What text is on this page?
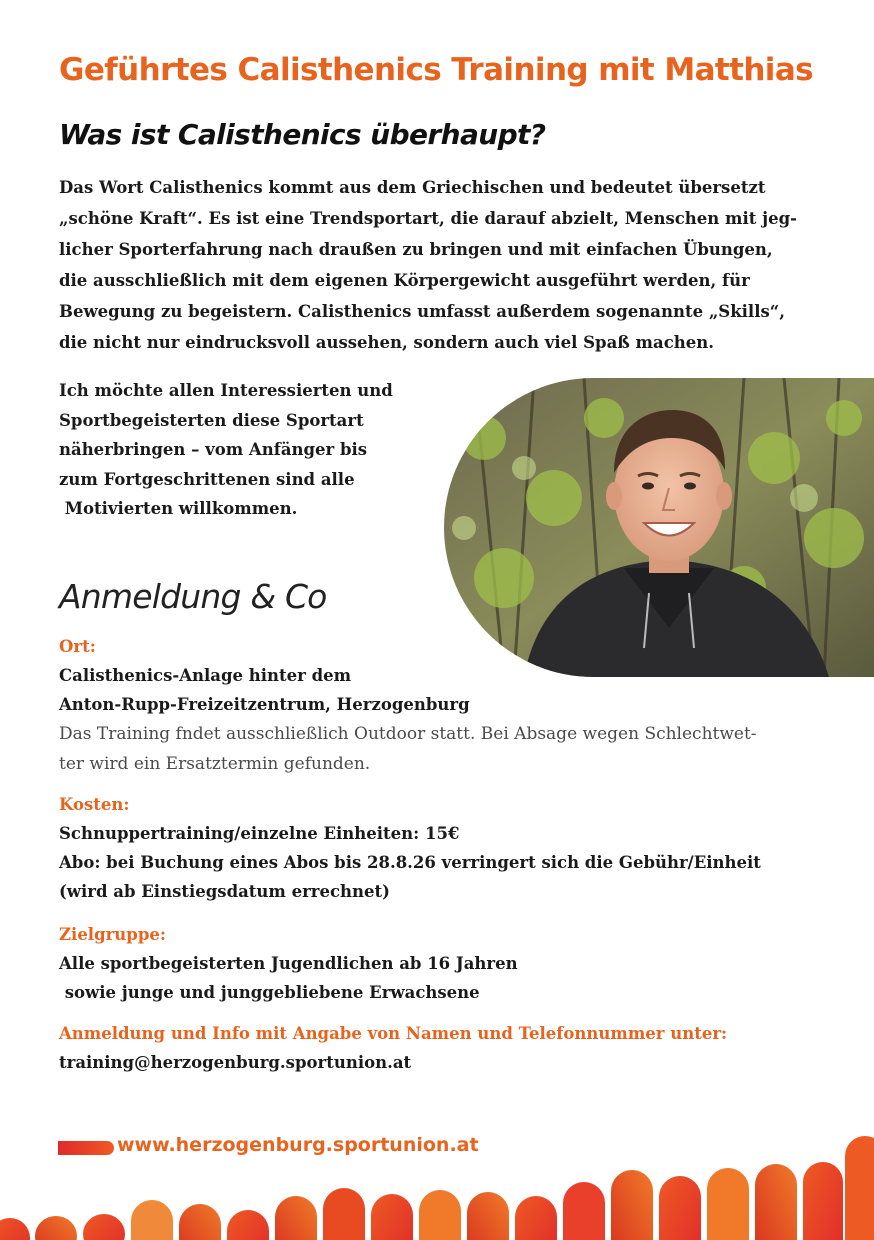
Geführtes Calisthenics Training mit Matthias
Was ist Calisthenics überhaupt?

Das Wort Calisthenics kommt aus dem Griechischen und bedeutet übersetzt
„schöne Kraft“. Es ist eine Trendsportart, die darauf abzielt, Menschen mit jeg-
licher Sporterfahrung nach draußen zu bringen und mit einfachen Übungen,
die ausschließlich mit dem eigenen Körpergewicht ausgeführt werden, für
Bewegung zu begeistern. Calisthenics umfasst außerdem sogenannte „Skills“,
die nicht nur eindrucksvoll aussehen, sondern auch viel Spaß machen.

Ich möchte allen Interessierten und
Sportbegeisterten diese Sportart
näherbringen – vom Anfänger bis
zum Fortgeschrittenen sind alle
Motivierten willkommen.

Anmeldung & Co
Ort:
Calisthenics-Anlage hinter dem
Anton-Rupp-Freizeitzentrum, Herzogenburg
Das Training fndet ausschließlich Outdoor statt. Bei Absage wegen Schlechtwet-
ter wird ein Ersatztermin gefunden.
Kosten:
Schnuppertraining/einzelne Einheiten: 15€
Abo: bei Buchung eines Abos bis 28.8.26 verringert sich die Gebühr/Einheit
(wird ab Einstiegsdatum errechnet)
Zielgruppe:
Alle sportbegeisterten Jugendlichen ab 16 Jahren
sowie junge und junggebliebene Erwachsene
Anmeldung und Info mit Angabe von Namen und Telefonnummer unter:
training@herzogenburg.sportunion.at
www.herzogenburg.sportunion.at
